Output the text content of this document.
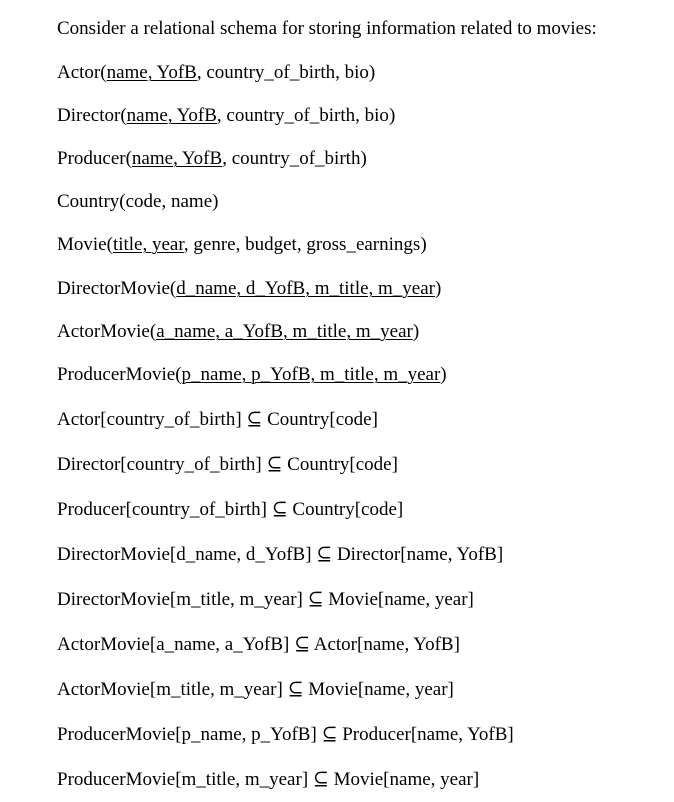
Consider a relational schema for storing information related to movies:
Actor(name, YofB, country_of_birth, bio)
Director(name, YofB, country_of_birth, bio)
Producer(name, YofB, country_of_birth)
Country(code, name)
Movie(title, year, genre, budget, gross_earnings)
DirectorMovie(d_name, d_YofB, m_title, m_year)
ActorMovie(a_name, a_YofB, m_title, m_year)
ProducerMovie(p_name, p_YofB, m_title, m_year)
Actor[country_of_birth] ⊆ Country[code]
Director[country_of_birth] ⊆ Country[code]
Producer[country_of_birth] ⊆ Country[code]
DirectorMovie[d_name, d_YofB] ⊆ Director[name, YofB]
DirectorMovie[m_title, m_year] ⊆ Movie[name, year]
ActorMovie[a_name, a_YofB] ⊆ Actor[name, YofB]
ActorMovie[m_title, m_year] ⊆ Movie[name, year]
ProducerMovie[p_name, p_YofB] ⊆ Producer[name, YofB]
ProducerMovie[m_title, m_year] ⊆ Movie[name, year]
